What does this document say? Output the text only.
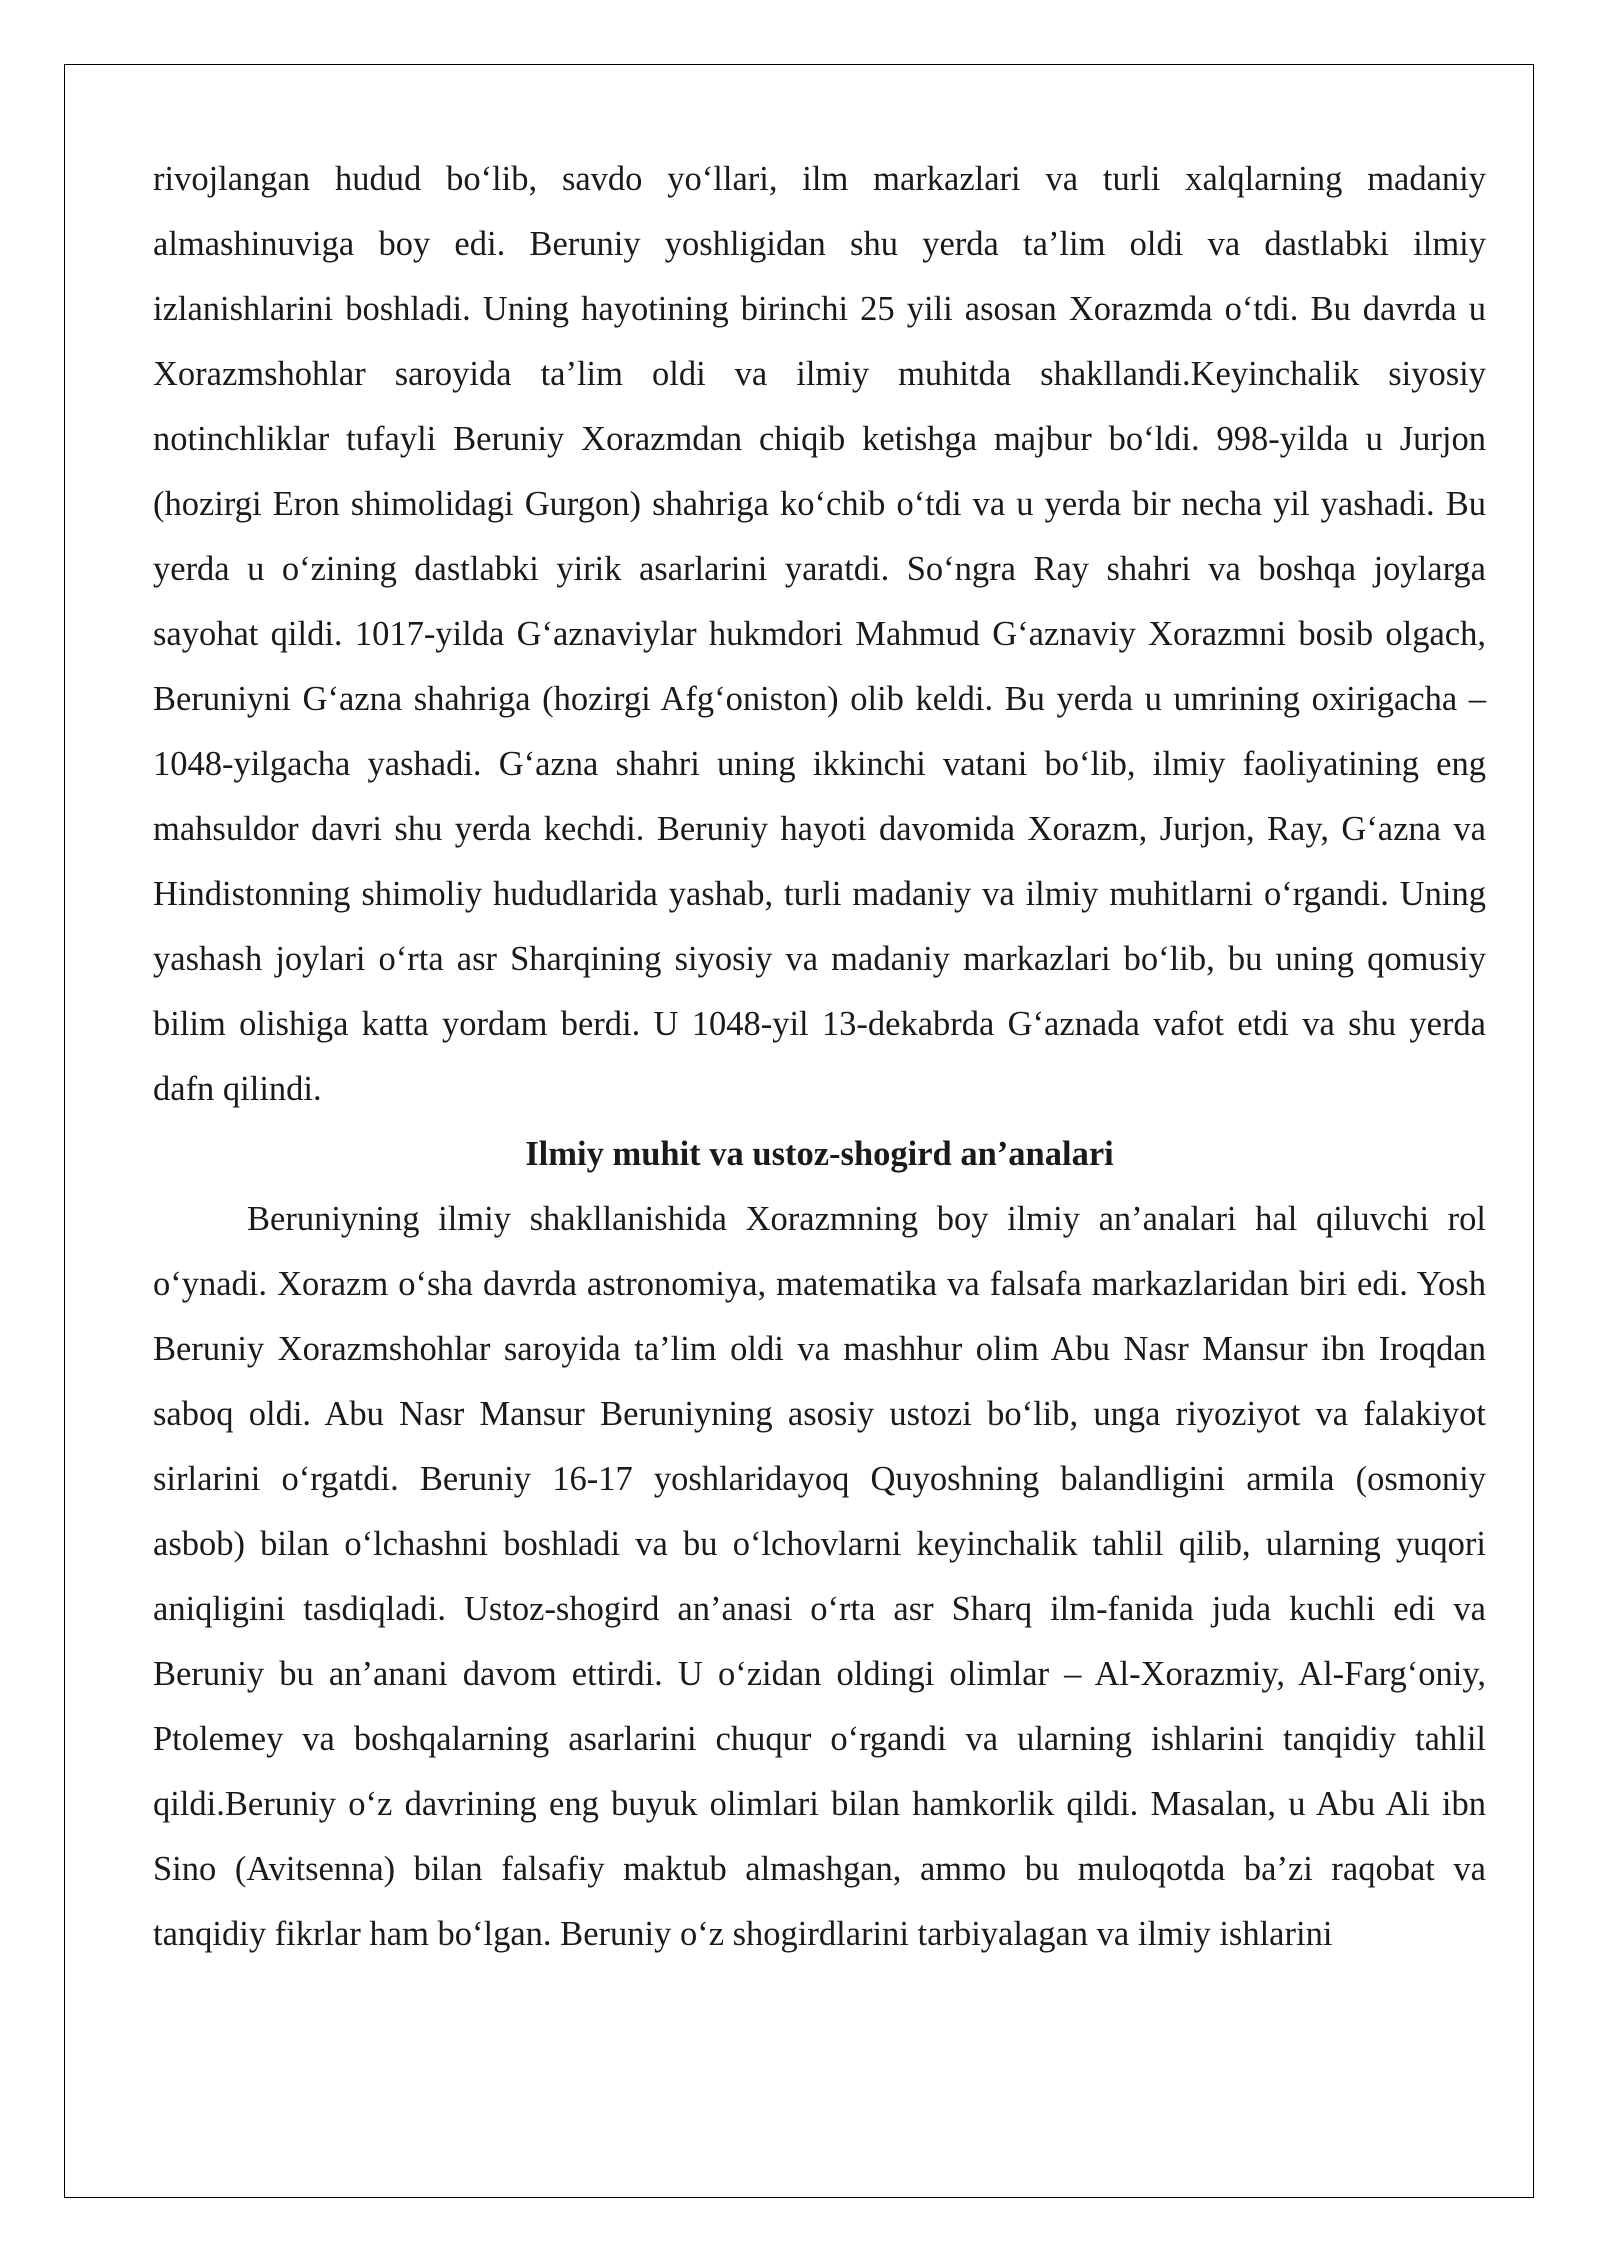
rivojlangan hudud bo‘lib, savdo yo‘llari, ilm markazlari va turli xalqlarning madaniy almashinuviga boy edi. Beruniy yoshligidan shu yerda ta’lim oldi va dastlabki ilmiy izlanishlarini boshladi. Uning hayotining birinchi 25 yili asosan Xorazmda o‘tdi. Bu davrda u Xorazmshohlar saroyida ta’lim oldi va ilmiy muhitda shakllandi.Keyinchalik siyosiy notinchliklar tufayli Beruniy Xorazmdan chiqib ketishga majbur bo‘ldi. 998-yilda u Jurjon (hozirgi Eron shimolidagi Gurgon) shahriga ko‘chib o‘tdi va u yerda bir necha yil yashadi. Bu yerda u o‘zining dastlabki yirik asarlarini yaratdi. So‘ngra Ray shahri va boshqa joylarga sayohat qildi. 1017-yilda G‘aznaviylar hukmdori Mahmud G‘aznaviy Xorazmni bosib olgach, Beruniyni G‘azna shahriga (hozirgi Afg‘oniston) olib keldi. Bu yerda u umrining oxirigacha – 1048-yilgacha yashadi. G‘azna shahri uning ikkinchi vatani bo‘lib, ilmiy faoliyatining eng mahsuldor davri shu yerda kechdi. Beruniy hayoti davomida Xorazm, Jurjon, Ray, G‘azna va Hindistonning shimoliy hududlarida yashab, turli madaniy va ilmiy muhitlarni o‘rgandi. Uning yashash joylari o‘rta asr Sharqining siyosiy va madaniy markazlari bo‘lib, bu uning qomusiy bilim olishiga katta yordam berdi. U 1048-yil 13-dekabrda G‘aznada vafot etdi va shu yerda dafn qilindi.

Ilmiy muhit va ustoz-shogird an’analari

Beruniyning ilmiy shakllanishida Xorazmning boy ilmiy an’analari hal qiluvchi rol o‘ynadi. Xorazm o‘sha davrda astronomiya, matematika va falsafa markazlaridan biri edi. Yosh Beruniy Xorazmshohlar saroyida ta’lim oldi va mashhur olim Abu Nasr Mansur ibn Iroqdan saboq oldi. Abu Nasr Mansur Beruniyning asosiy ustozi bo‘lib, unga riyoziyot va falakiyot sirlarini o‘rgatdi. Beruniy 16-17 yoshlaridayoq Quyoshning balandligini armila (osmoniy asbob) bilan o‘lchashni boshladi va bu o‘lchovlarni keyinchalik tahlil qilib, ularning yuqori aniqligini tasdiqladi. Ustoz-shogird an’anasi o‘rta asr Sharq ilm-fanida juda kuchli edi va Beruniy bu an’anani davom ettirdi. U o‘zidan oldingi olimlar – Al-Xorazmiy, Al-Farg‘oniy, Ptolemey va boshqalarning asarlarini chuqur o‘rgandi va ularning ishlarini tanqidiy tahlil qildi.Beruniy o‘z davrining eng buyuk olimlari bilan hamkorlik qildi. Masalan, u Abu Ali ibn Sino (Avitsenna) bilan falsafiy maktub almashgan, ammo bu muloqotda ba’zi raqobat va tanqidiy fikrlar ham bo‘lgan. Beruniy o‘z shogirdlarini tarbiyalagan va ilmiy ishlarini
